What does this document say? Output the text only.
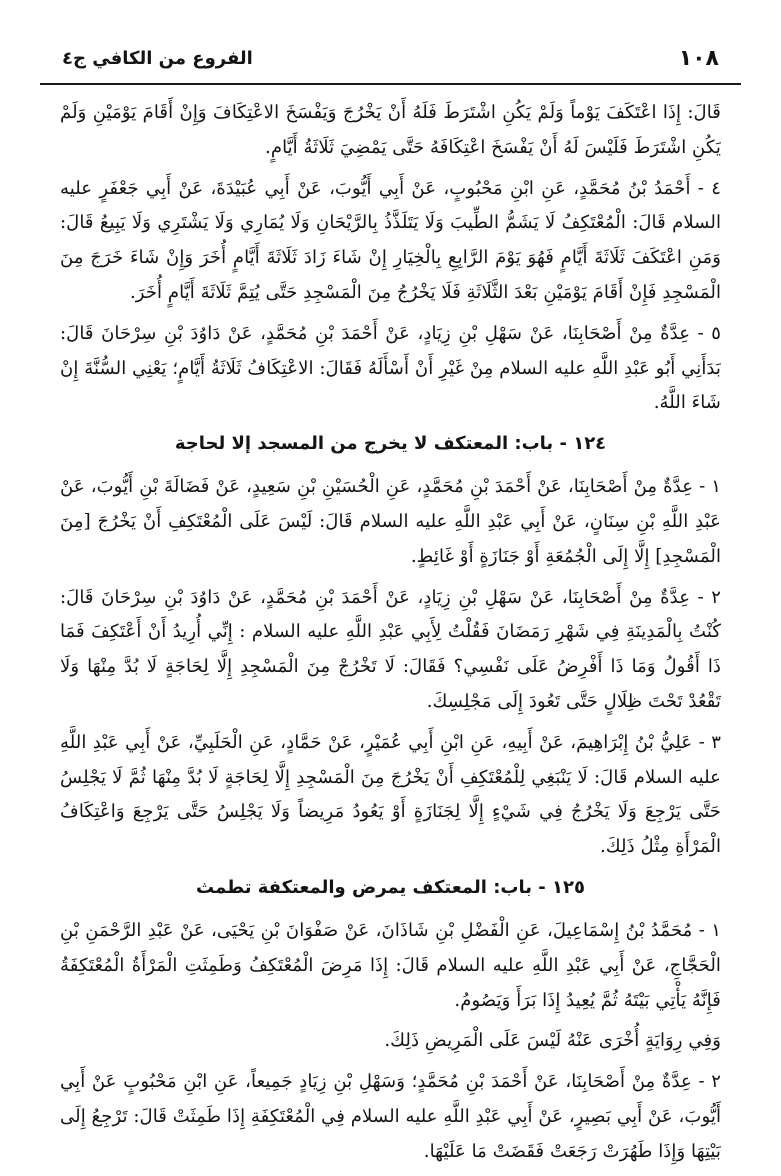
١٠٨
الفروع من الكافي ج٤

قَالَ: إِذَا اعْتَكَفَ يَوْماً وَلَمْ يَكُنِ اشْتَرَطَ فَلَهُ أَنْ يَخْرُجَ وَيَفْسَخَ الاعْتِكَافَ وَإِنْ أَقَامَ يَوْمَيْنِ وَلَمْ يَكُنِ اشْتَرَطَ فَلَيْسَ لَهُ أَنْ يَفْسَخَ اعْتِكَافَهُ حَتَّى يَمْضِيَ ثَلَاثَةُ أَيَّامٍ.

٤ - أَحْمَدُ بْنُ مُحَمَّدٍ، عَنِ ابْنِ مَحْبُوبٍ، عَنْ أَبِي أَيُّوبَ، عَنْ أَبِي عُبَيْدَةَ، عَنْ أَبِي جَعْفَرٍ عليه السلام قَالَ: الْمُعْتَكِفُ لَا يَشَمُّ الطِّيبَ وَلَا يَتَلَذَّذُ بِالرَّيْحَانِ وَلَا يُمَارِي وَلَا يَشْتَرِي وَلَا يَبِيعُ قَالَ: وَمَنِ اعْتَكَفَ ثَلَاثَةَ أَيَّامٍ فَهُوَ يَوْمَ الرَّابِعِ بِالْخِيَارِ إِنْ شَاءَ زَادَ ثَلَاثَةَ أَيَّامٍ أُخَرَ وَإِنْ شَاءَ خَرَجَ مِنَ الْمَسْجِدِ فَإِنْ أَقَامَ يَوْمَيْنِ بَعْدَ الثَّلَاثَةِ فَلَا يَخْرُجُ مِنَ الْمَسْجِدِ حَتَّى يُتِمَّ ثَلَاثَةَ أَيَّامٍ أُخَرَ.

٥ - عِدَّةٌ مِنْ أَصْحَابِنَا، عَنْ سَهْلِ بْنِ زِيَادٍ، عَنْ أَحْمَدَ بْنِ مُحَمَّدٍ، عَنْ دَاوُدَ بْنِ سِرْحَانَ قَالَ: بَدَأَنِي أَبُو عَبْدِ اللَّهِ عليه السلام مِنْ غَيْرِ أَنْ أَسْأَلَهُ فَقَالَ: الاعْتِكَافُ ثَلَاثَةُ أَيَّامٍ؛ يَعْنِي السُّنَّةَ إِنْ شَاءَ اللَّهُ.

١٢٤ - باب: المعتكف لا يخرج من المسجد إلا لحاجة

١ - عِدَّةٌ مِنْ أَصْحَابِنَا، عَنْ أَحْمَدَ بْنِ مُحَمَّدٍ، عَنِ الْحُسَيْنِ بْنِ سَعِيدٍ، عَنْ فَضَالَةَ بْنِ أَيُّوبَ، عَنْ عَبْدِ اللَّهِ بْنِ سِنَانٍ، عَنْ أَبِي عَبْدِ اللَّهِ عليه السلام قَالَ: لَيْسَ عَلَى الْمُعْتَكِفِ أَنْ يَخْرُجَ [مِنَ الْمَسْجِدِ] إِلَّا إِلَى الْجُمُعَةِ أَوْ جَنَازَةٍ أَوْ غَائِطٍ.

٢ - عِدَّةٌ مِنْ أَصْحَابِنَا، عَنْ سَهْلِ بْنِ زِيَادٍ، عَنْ أَحْمَدَ بْنِ مُحَمَّدٍ، عَنْ دَاوُدَ بْنِ سِرْحَانَ قَالَ: كُنْتُ بِالْمَدِينَةِ فِي شَهْرِ رَمَضَانَ فَقُلْتُ لِأَبِي عَبْدِ اللَّهِ عليه السلام : إِنِّي أُرِيدُ أَنْ أَعْتَكِفَ فَمَا ذَا أَقُولُ وَمَا ذَا أَفْرِضُ عَلَى نَفْسِي؟ فَقَالَ: لَا تَخْرُجْ مِنَ الْمَسْجِدِ إِلَّا لِحَاجَةٍ لَا بُدَّ مِنْهَا وَلَا تَقْعُدْ تَحْتَ ظِلَالٍ حَتَّى تَعُودَ إِلَى مَجْلِسِكَ.

٣ - عَلِيُّ بْنُ إِبْرَاهِيمَ، عَنْ أَبِيهِ، عَنِ ابْنِ أَبِي عُمَيْرٍ، عَنْ حَمَّادٍ، عَنِ الْحَلَبِيِّ، عَنْ أَبِي عَبْدِ اللَّهِ عليه السلام قَالَ: لَا يَنْبَغِي لِلْمُعْتَكِفِ أَنْ يَخْرُجَ مِنَ الْمَسْجِدِ إِلَّا لِحَاجَةٍ لَا بُدَّ مِنْهَا ثُمَّ لَا يَجْلِسُ حَتَّى يَرْجِعَ وَلَا يَخْرُجُ فِي شَيْءٍ إِلَّا لِجَنَازَةٍ أَوْ يَعُودُ مَرِيضاً وَلَا يَجْلِسُ حَتَّى يَرْجِعَ وَاعْتِكَافُ الْمَرْأَةِ مِثْلُ ذَلِكَ.

١٢٥ - باب: المعتكف يمرض والمعتكفة تطمث

١ - مُحَمَّدُ بْنُ إِسْمَاعِيلَ، عَنِ الْفَضْلِ بْنِ شَاذَانَ، عَنْ صَفْوَانَ بْنِ يَحْيَى، عَنْ عَبْدِ الرَّحْمَنِ بْنِ الْحَجَّاجِ، عَنْ أَبِي عَبْدِ اللَّهِ عليه السلام قَالَ: إِذَا مَرِضَ الْمُعْتَكِفُ وَطَمِثَتِ الْمَرْأَةُ الْمُعْتَكِفَةُ فَإِنَّهُ يَأْتِي بَيْتَهُ ثُمَّ يُعِيدُ إِذَا بَرَأَ وَيَصُومُ.

وَفِي رِوَايَةٍ أُخْرَى عَنْهُ لَيْسَ عَلَى الْمَرِيضِ ذَلِكَ.

٢ - عِدَّةٌ مِنْ أَصْحَابِنَا، عَنْ أَحْمَدَ بْنِ مُحَمَّدٍ؛ وَسَهْلِ بْنِ زِيَادٍ جَمِيعاً، عَنِ ابْنِ مَحْبُوبٍ عَنْ أَبِي أَيُّوبَ، عَنْ أَبِي بَصِيرٍ، عَنْ أَبِي عَبْدِ اللَّهِ عليه السلام فِي الْمُعْتَكِفَةِ إِذَا طَمِثَتْ قَالَ: تَرْجِعُ إِلَى بَيْتِهَا وَإِذَا طَهُرَتْ رَجَعَتْ فَقَضَتْ مَا عَلَيْهَا.
